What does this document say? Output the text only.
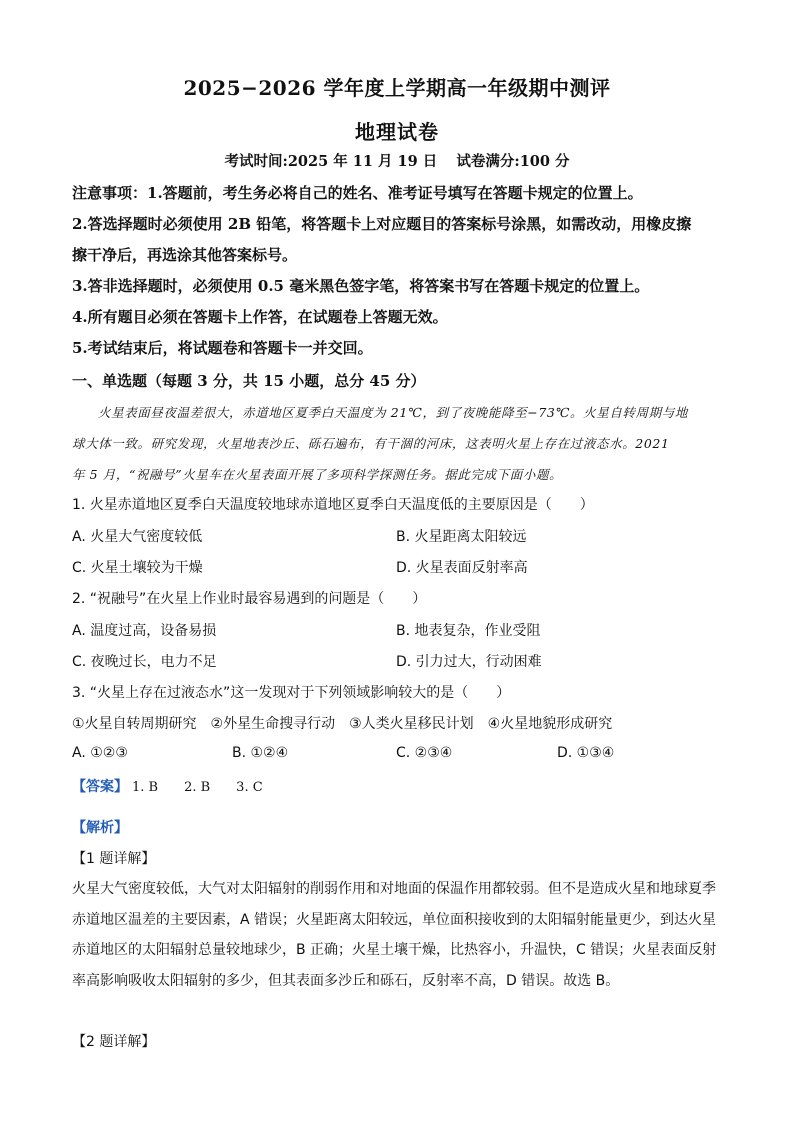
2025−2026 学年度上学期高一年级期中测评
地理试卷
考试时间:2025 年 11 月 19 日 试卷满分:100 分
注意事项：1.答题前，考生务必将自己的姓名、准考证号填写在答题卡规定的位置上。
2.答选择题时必须使用 2B 铅笔，将答题卡上对应题目的答案标号涂黑，如需改动，用橡皮擦
擦干净后，再选涂其他答案标号。
3.答非选择题时，必须使用 0.5 毫米黑色签字笔，将答案书写在答题卡规定的位置上。
4.所有题目必须在答题卡上作答，在试题卷上答题无效。
5.考试结束后，将试题卷和答题卡一并交回。
一、单选题（每题 3 分，共 15 小题，总分 45 分）
火星表面昼夜温差很大，赤道地区夏季白天温度为 21℃，到了夜晚能降至−73℃。火星自转周期与地
球大体一致。研究发现，火星地表沙丘、砾石遍布，有干涸的河床，这表明火星上存在过液态水。2021
年 5 月，“祝融号”火星车在火星表面开展了多项科学探测任务。据此完成下面小题。
1. 火星赤道地区夏季白天温度较地球赤道地区夏季白天温度低的主要原因是（　　）
A. 火星大气密度较低	B. 火星距离太阳较远
C. 火星土壤较为干燥	D. 火星表面反射率高
2. “祝融号”在火星上作业时最容易遇到的问题是（　　）
A. 温度过高，设备易损	B. 地表复杂，作业受阻
C. 夜晚过长，电力不足	D. 引力过大，行动困难
3. “火星上存在过液态水”这一发现对于下列领域影响较大的是（　　）
①火星自转周期研究　②外星生命搜寻行动　③人类火星移民计划　④火星地貌形成研究
A. ①②③	B. ①②④	C. ②③④	D. ①③④
【答案】 1. B　　2. B　　3. C
【解析】
【1 题详解】
火星大气密度较低，大气对太阳辐射的削弱作用和对地面的保温作用都较弱。但不是造成火星和地球夏季
赤道地区温差的主要因素，A 错误；火星距离太阳较远，单位面积接收到的太阳辐射能量更少，到达火星
赤道地区的太阳辐射总量较地球少，B 正确；火星土壤干燥，比热容小，升温快，C 错误；火星表面反射
率高影响吸收太阳辐射的多少，但其表面多沙丘和砾石，反射率不高，D 错误。故选 B。
【2 题详解】
